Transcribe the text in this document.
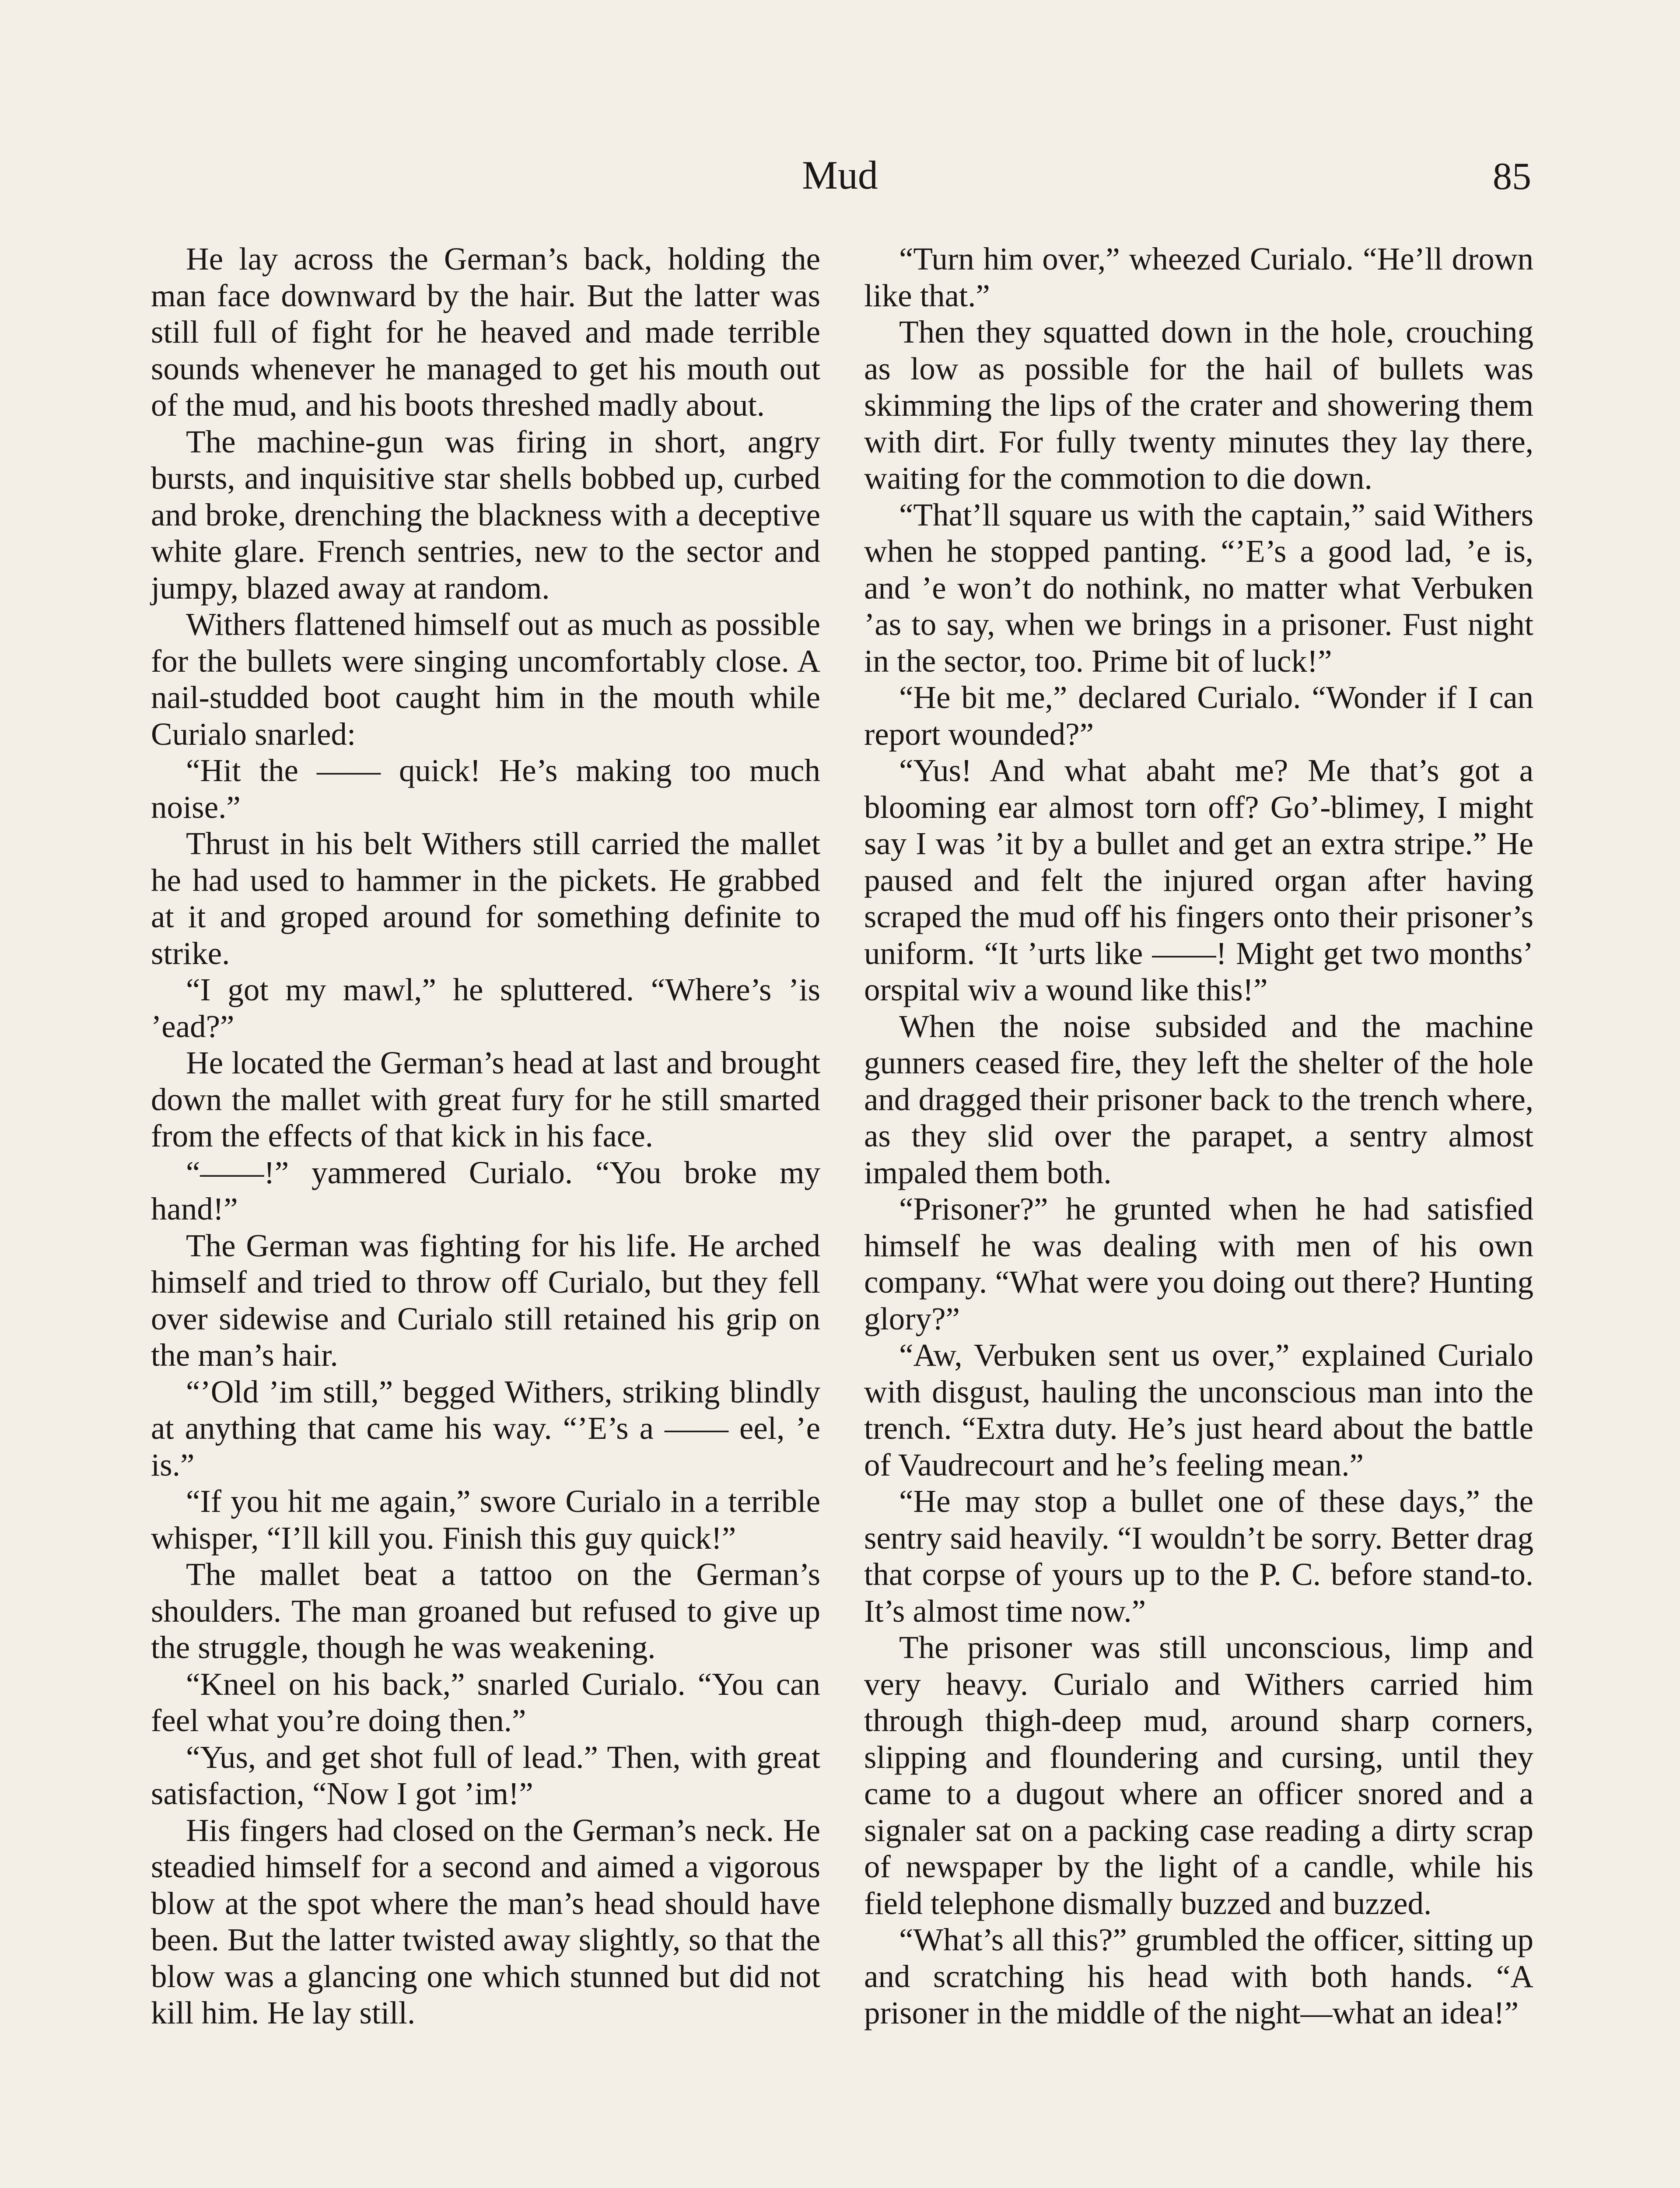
Mud	85

He lay across the German’s back, holding the man face downward by the hair. But the latter was still full of fight for he heaved and made terrible sounds whenever he managed to get his mouth out of the mud, and his boots threshed madly about.

The machine-gun was firing in short, angry bursts, and inquisitive star shells bobbed up, curbed and broke, drenching the blackness with a deceptive white glare. French sentries, new to the sector and jumpy, blazed away at random.

Withers flattened himself out as much as possible for the bullets were singing uncomfortably close. A nail-studded boot caught him in the mouth while Curialo snarled:

“Hit the —— quick! He’s making too much noise.”

Thrust in his belt Withers still carried the mallet he had used to hammer in the pickets. He grabbed at it and groped around for something definite to strike.

“I got my mawl,” he spluttered. “Where’s ’is ’ead?”

He located the German’s head at last and brought down the mallet with great fury for he still smarted from the effects of that kick in his face.

“——!” yammered Curialo. “You broke my hand!”

The German was fighting for his life. He arched himself and tried to throw off Curialo, but they fell over sidewise and Curialo still retained his grip on the man’s hair.

“’Old ’im still,” begged Withers, striking blindly at anything that came his way. “’E’s a —— eel, ’e is.”

“If you hit me again,” swore Curialo in a terrible whisper, “I’ll kill you. Finish this guy quick!”

The mallet beat a tattoo on the German’s shoulders. The man groaned but refused to give up the struggle, though he was weakening.

“Kneel on his back,” snarled Curialo. “You can feel what you’re doing then.”

“Yus, and get shot full of lead.” Then, with great satisfaction, “Now I got ’im!”

His fingers had closed on the German’s neck. He steadied himself for a second and aimed a vigorous blow at the spot where the man’s head should have been. But the latter twisted away slightly, so that the blow was a glancing one which stunned but did not kill him. He lay still.

“Turn him over,” wheezed Curialo. “He’ll drown like that.”

Then they squatted down in the hole, crouching as low as possible for the hail of bullets was skimming the lips of the crater and showering them with dirt. For fully twenty minutes they lay there, waiting for the commotion to die down.

“That’ll square us with the captain,” said Withers when he stopped panting. “’E’s a good lad, ’e is, and ’e won’t do nothink, no matter what Verbuken ’as to say, when we brings in a prisoner. Fust night in the sector, too. Prime bit of luck!”

“He bit me,” declared Curialo. “Wonder if I can report wounded?”

“Yus! And what abaht me? Me that’s got a blooming ear almost torn off? Go’-blimey, I might say I was ’it by a bullet and get an extra stripe.” He paused and felt the injured organ after having scraped the mud off his fingers onto their prisoner’s uniform. “It ’urts like ——! Might get two months’ orspital wiv a wound like this!”

When the noise subsided and the machine gunners ceased fire, they left the shelter of the hole and dragged their prisoner back to the trench where, as they slid over the parapet, a sentry almost impaled them both.

“Prisoner?” he grunted when he had satisfied himself he was dealing with men of his own company. “What were you doing out there? Hunting glory?”

“Aw, Verbuken sent us over,” explained Curialo with disgust, hauling the unconscious man into the trench. “Extra duty. He’s just heard about the battle of Vaudrecourt and he’s feeling mean.”

“He may stop a bullet one of these days,” the sentry said heavily. “I wouldn’t be sorry. Better drag that corpse of yours up to the P. C. before stand-to. It’s almost time now.”

The prisoner was still unconscious, limp and very heavy. Curialo and Withers carried him through thigh-deep mud, around sharp corners, slipping and floundering and cursing, until they came to a dugout where an officer snored and a signaler sat on a packing case reading a dirty scrap of newspaper by the light of a candle, while his field telephone dismally buzzed and buzzed.

“What’s all this?” grumbled the officer, sitting up and scratching his head with both hands. “A prisoner in the middle of the night—what an idea!”
